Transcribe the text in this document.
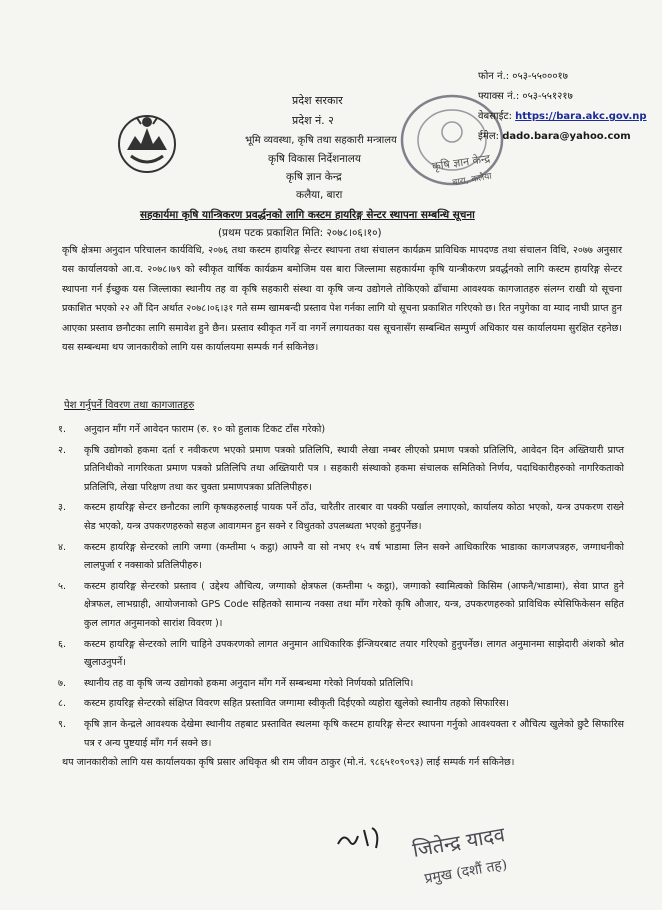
प्रदेश सरकार
प्रदेश नं. २
भूमि व्यवस्था, कृषि तथा सहकारी मन्त्रालय
कृषि विकास निर्देशनालय
कृषि ज्ञान केन्द्र
कलैया, बारा
कृषि ज्ञान केन्द्र
बारा, कलैया
फोन नं.: ०५३-५५०००१७
फ्याक्स नं.: ०५३-५५१२१७
वेबसाईट: https://bara.akc.gov.np
ईमेल: dado.bara@yahoo.com
सहकार्यमा कृषि यान्त्रिकरण प्रवर्द्धनको लागि कस्टम हायरिङ्ग सेन्टर स्थापना सम्बन्धि सूचना
(प्रथम पटक प्रकाशित मिति: २०७८।०६।१०)

कृषि क्षेत्रमा अनुदान परिचालन कार्यविधि, २०७६ तथा कस्टम हायरिङ्ग सेन्टर स्थापना तथा संचालन कार्यक्रम प्राविधिक मापदण्ड तथा संचालन विधि, २०७७ अनुसार यस कार्यालयको आ.व. २०७८।७९ को स्वीकृत वार्षिक कार्यक्रम बमोजिम यस बारा जिल्लामा सहकार्यमा कृषि यान्त्रीकरण प्रवर्द्धनको लागि कस्टम हायरिङ्ग सेन्टर स्थापना गर्न ईच्छुक यस जिल्लाका स्थानीय तह वा कृषि सहकारी संस्था वा कृषि जन्य उद्योगले तोकिएको ढाँचामा आवश्यक कागजातहरु संलग्न राखी यो सूचना प्रकाशित भएको २२ औं दिन अर्थात २०७८।०६।३१ गते सम्म खामबन्दी प्रस्ताव पेश गर्नका लागि यो सूचना प्रकाशित गरिएको छ। रित नपुगेका वा म्याद नाघी प्राप्त हुन आएका प्रस्ताव छनौटका लागि समावेश हुने छैन। प्रस्ताव स्वीकृत गर्ने वा नगर्ने लगायतका यस सूचनासँग सम्बन्धित सम्पुर्ण अधिकार यस कार्यालयमा सुरक्षित रहनेछ। यस सम्बन्धमा थप जानकारीको लागि यस कार्यालयमा सम्पर्क गर्न सकिनेछ।

पेश गर्नुपर्ने विवरण तथा कागजातहरु
१.	अनुदान माँग गर्ने आवेदन फाराम (रु. १० को हुलाक टिकट टाँस गरेको)
२.	कृषि उद्योगको हकमा दर्ता र नवीकरण भएको प्रमाण पत्रको प्रतिलिपि, स्थायी लेखा नम्बर लीएको प्रमाण पत्रको प्रतिलिपि, आवेदन दिन अख्तियारी प्राप्त प्रतिनिधीको नागरिकता प्रमाण पत्रको प्रतिलिपि तथा अख्तियारी पत्र । सहकारी संस्थाको हकमा संचालक समितिको निर्णय, पदाधिकारीहरुको नागरिकताको प्रतिलिपि, लेखा परिक्षण तथा कर चुक्ता प्रमाणपत्रका प्रतिलिपीहरु।
३.	कस्टम हायरिङ्ग सेन्टर छनौटका लागि कृषकहरुलाई पायक पर्ने ठाँउ, चारैतीर तारबार वा पक्की पर्खाल लगाएको, कार्यालय कोठा भएको, यन्त्र उपकरण राख्ने सेड भएको, यन्त्र उपकरणहरुको सहज आवागमन हुन सक्ने र विधुतको उपलब्धता भएको हुनुपर्नेछ।
४.	कस्टम हायरिङ्ग सेन्टरको लागि जग्गा (कम्तीमा ५ कट्ठा) आफ्नै वा सो नभए १५ वर्ष भाडामा लिन सक्ने आधिकारिक भाडाका कागजपत्रहरु, जग्गाधनीको लालपुर्जा र नक्साको प्रतिलिपीहरु।
५.	कस्टम हायरिङ्ग सेन्टरको प्रस्ताव ( उद्देश्य औचित्य, जग्गाको क्षेत्रफल (कम्तीमा ५ कट्ठा), जग्गाको स्वामित्वको किसिम (आफनै/भाडामा), सेवा प्राप्त हुने क्षेत्रफल, लाभग्राही, आयोजनाको GPS Code सहितको सामान्य नक्सा तथा माँग गरेको कृषि औजार, यन्त्र, उपकरणहरुको प्राविधिक स्पेसिफिकेसन सहित कुल लागत अनुमानको सारांश विवरण )।
६.	कस्टम हायरिङ्ग सेन्टरको लागि चाहिने उपकरणको लागत अनुमान आधिकारिक ईन्जियरबाट तयार गरिएको हुनुपर्नेछ। लागत अनुमानमा साझेदारी अंशको श्रोत खुलाउनुपर्ने।
७.	स्थानीय तह वा कृषि जन्य उद्योगको हकमा अनुदान माँग गर्ने सम्बन्धमा गरेको निर्णयको प्रतिलिपि।
८.	कस्टम हायरिङ्ग सेन्टरको संक्षिप्त विवरण सहित प्रस्तावित जग्गामा स्वीकृती दिईएको व्यहोरा खुलेको स्थानीय तहको सिफारिस।
९.	कृषि ज्ञान केन्द्रले आवश्यक देखेमा स्थानीय तहबाट प्रस्तावित स्थलमा कृषि कस्टम हायरिङ्ग सेन्टर स्थापना गर्नुको आवश्यक्ता र औचित्य खुलेको छुटै सिफारिस पत्र र अन्य पुष्टयाई माँग गर्न सक्ने छ।

थप जानकारीको लागि यस कार्यालयका कृषि प्रसार अधिकृत श्री राम जीवन ठाकुर (मो.नं. ९८६५१०९०९३) लाई सम्पर्क गर्न सकिनेछ।

जितेन्द्र यादव
प्रमुख (दशौं तह)
